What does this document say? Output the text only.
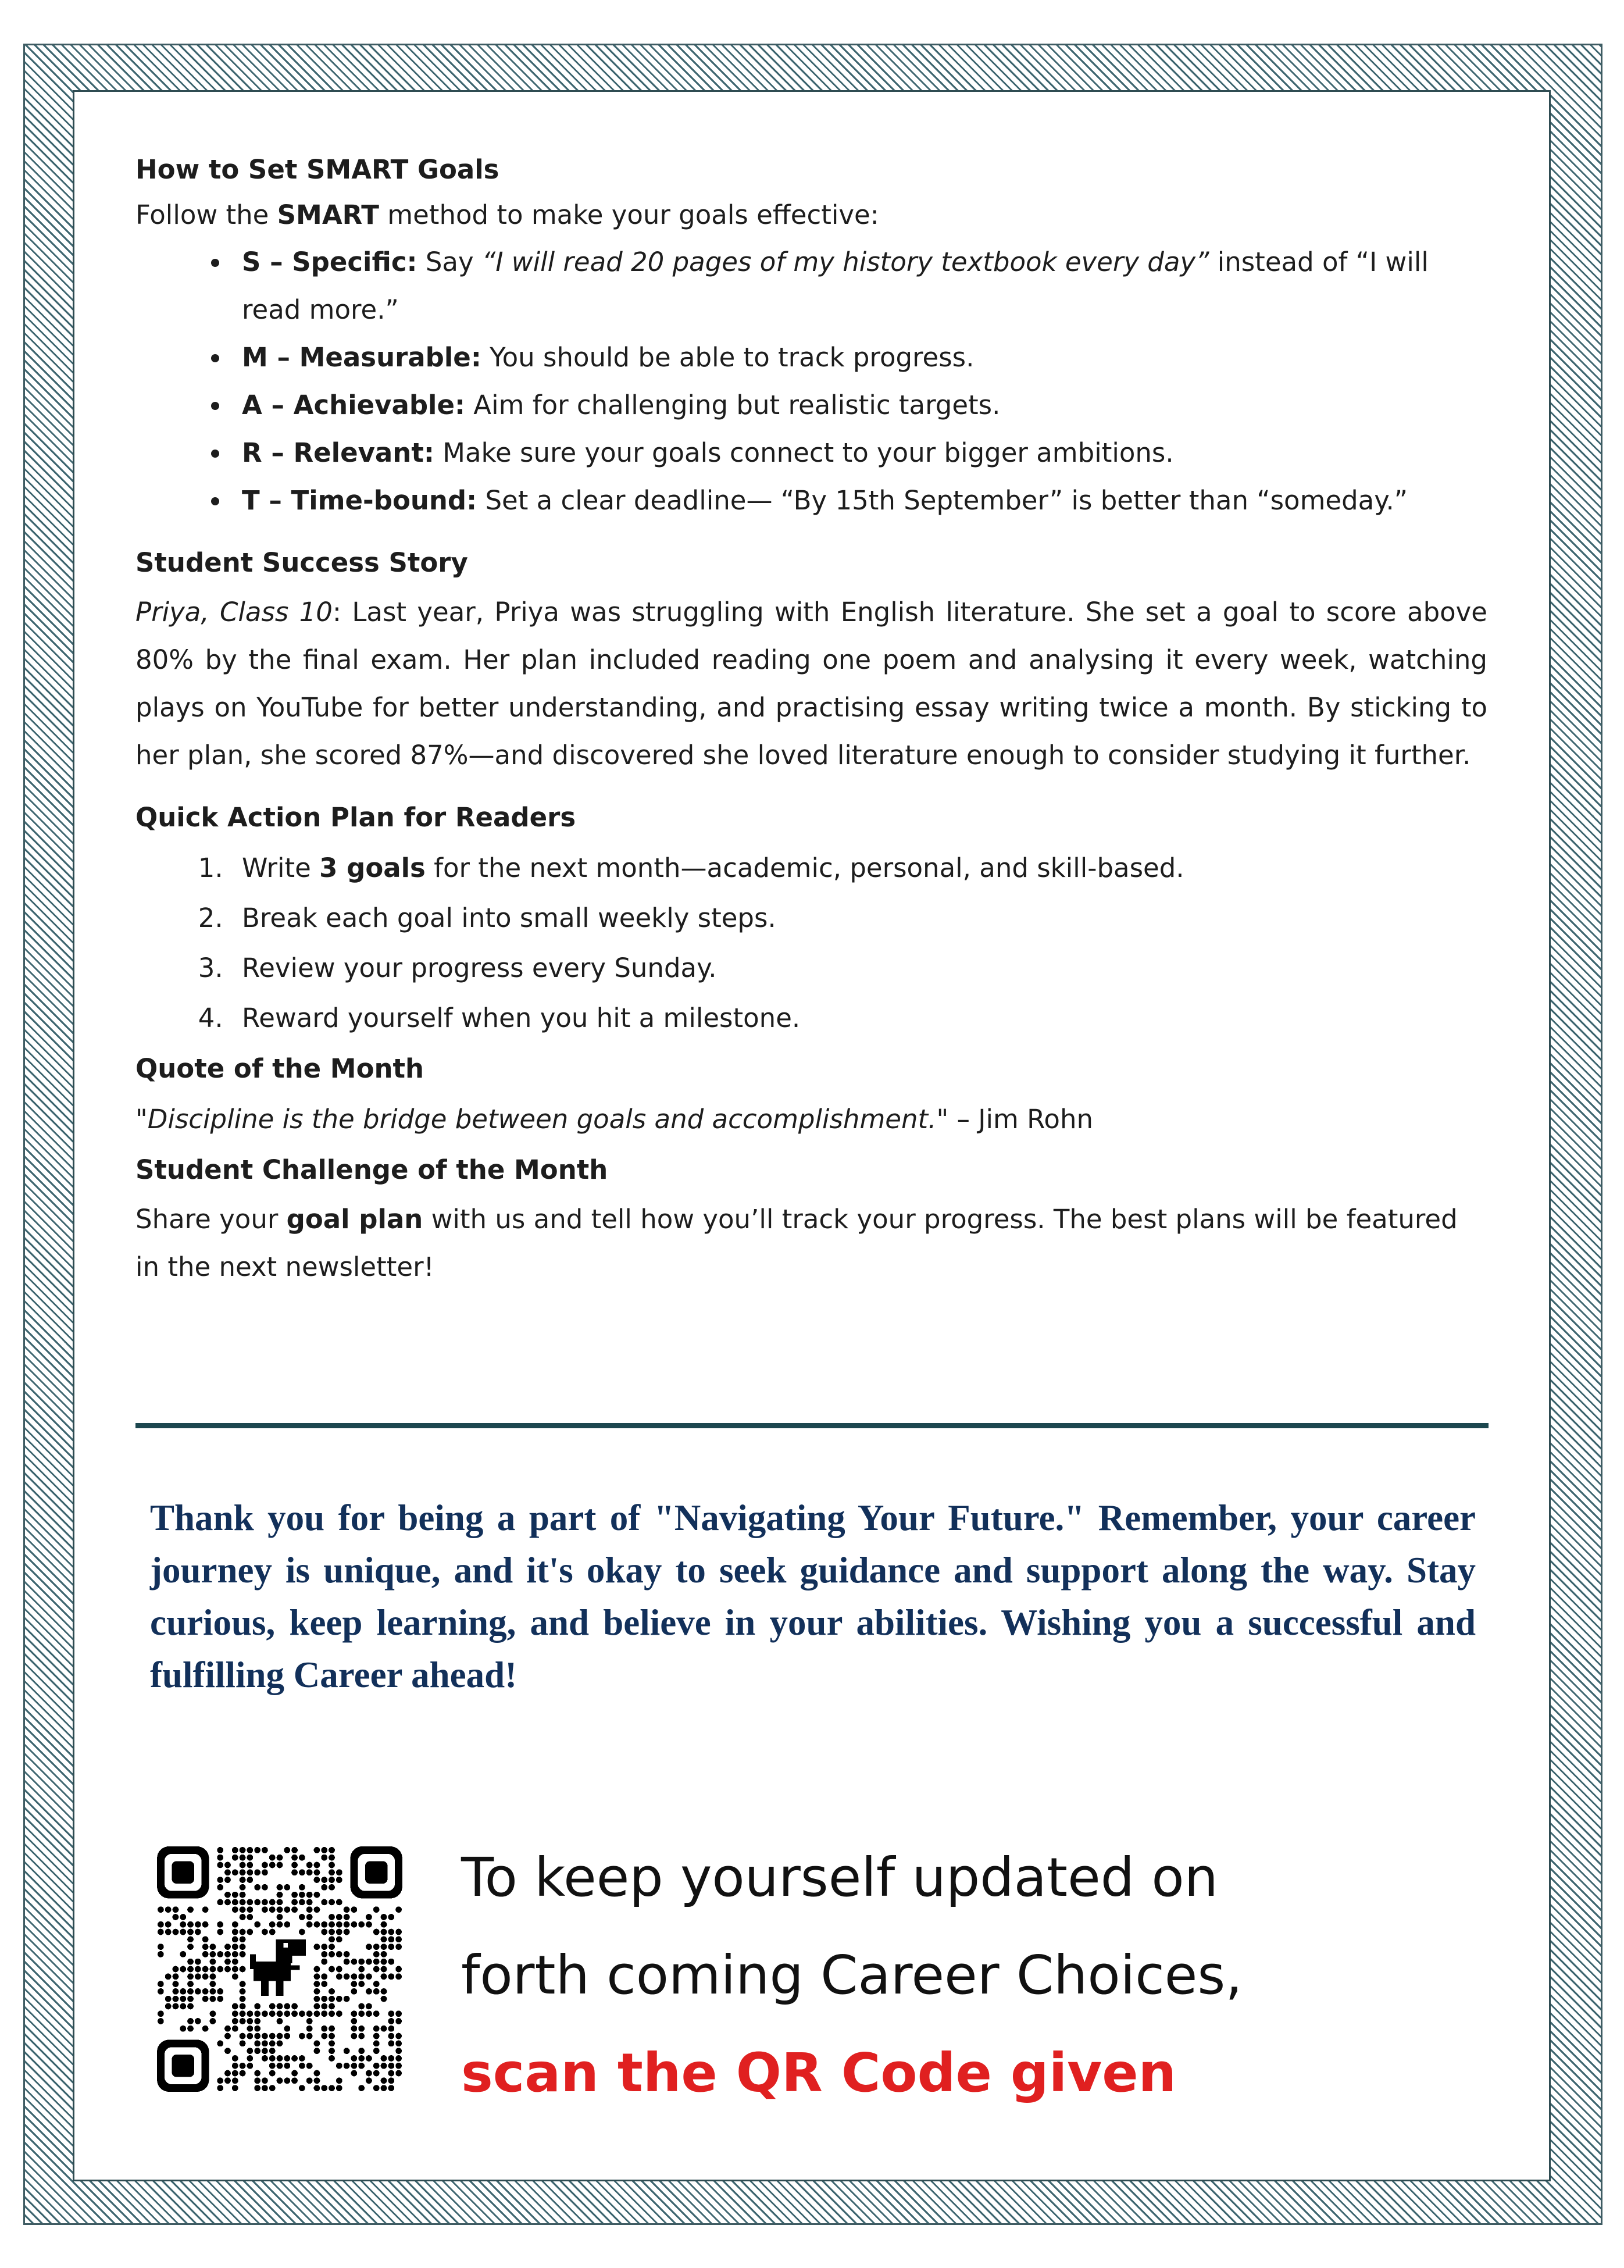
How to Set SMART Goals

Follow the SMART method to make your goals effective:

• S – Specific: Say “I will read 20 pages of my history textbook every day” instead of “I will read more.”
• M – Measurable: You should be able to track progress.
• A – Achievable: Aim for challenging but realistic targets.
• R – Relevant: Make sure your goals connect to your bigger ambitions.
• T – Time-bound: Set a clear deadline— “By 15th September” is better than “someday.”
Student Success Story

Priya, Class 10: Last year, Priya was struggling with English literature. She set a goal to score above 80% by the final exam. Her plan included reading one poem and analysing it every week, watching plays on YouTube for better understanding, and practising essay writing twice a month. By sticking to her plan, she scored 87%—and discovered she loved literature enough to consider studying it further.

Quick Action Plan for Readers
1. Write 3 goals for the next month—academic, personal, and skill-based.
2. Break each goal into small weekly steps.
3. Review your progress every Sunday.
4. Reward yourself when you hit a milestone.
Quote of the Month

"Discipline is the bridge between goals and accomplishment." – Jim Rohn

Student Challenge of the Month

Share your goal plan with us and tell how you’ll track your progress. The best plans will be featured in the next newsletter!

Thank you for being a part of "Navigating Your Future." Remember, your career journey is unique, and it's okay to seek guidance and support along the way. Stay curious, keep learning, and believe in your abilities. Wishing you a successful and fulfilling Career ahead!
To keep yourself updated on
forth coming Career Choices,
scan the QR Code given
